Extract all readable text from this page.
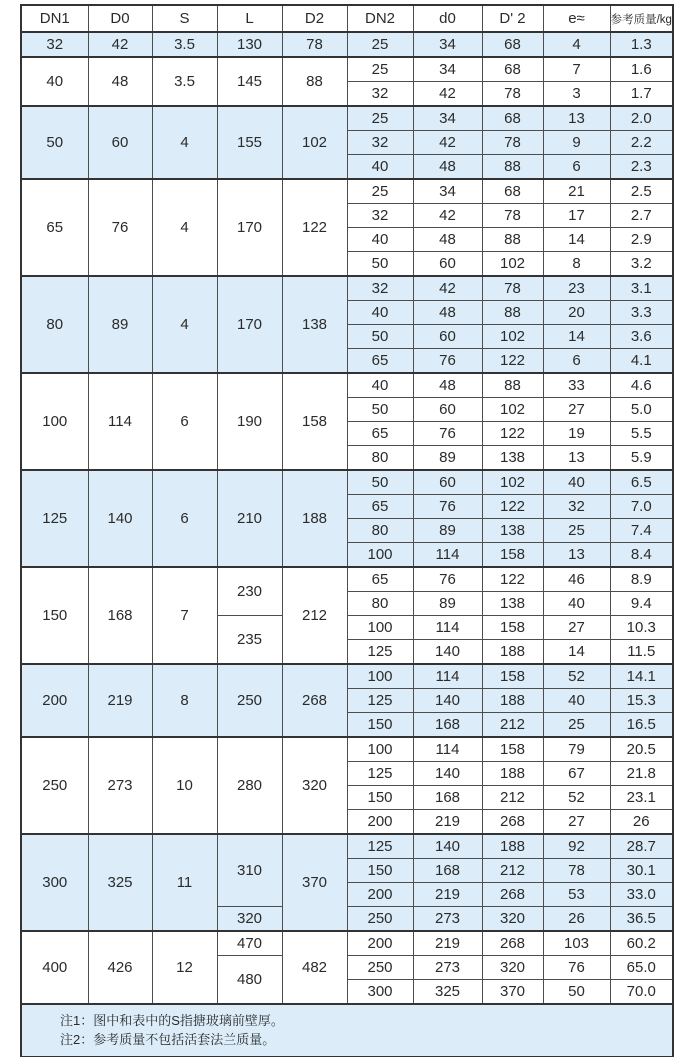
DN1	D0	S	L	D2	DN2	d0	D' 2	e≈	参考质量/kg
32	42	3.5	130	78	25	34	68	4	1.3
40	48	3.5	145	88	25	34	68	7	1.6
					32	42	78	3	1.7
50	60	4	155	102	25	34	68	13	2.0
					32	42	78	9	2.2
					40	48	88	6	2.3
65	76	4	170	122	25	34	68	21	2.5
					32	42	78	17	2.7
					40	48	88	14	2.9
					50	60	102	8	3.2
80	89	4	170	138	32	42	78	23	3.1
					40	48	88	20	3.3
					50	60	102	14	3.6
					65	76	122	6	4.1
100	114	6	190	158	40	48	88	33	4.6
					50	60	102	27	5.0
					65	76	122	19	5.5
					80	89	138	13	5.9
125	140	6	210	188	50	60	102	40	6.5
					65	76	122	32	7.0
					80	89	138	25	7.4
					100	114	158	13	8.4
150	168	7	230	212	65	76	122	46	8.9
					80	89	138	40	9.4
			235		100	114	158	27	10.3
					125	140	188	14	11.5
200	219	8	250	268	100	114	158	52	14.1
					125	140	188	40	15.3
					150	168	212	25	16.5
250	273	10	280	320	100	114	158	79	20.5
					125	140	188	67	21.8
					150	168	212	52	23.1
					200	219	268	27	26
300	325	11	310	370	125	140	188	92	28.7
					150	168	212	78	30.1
					200	219	268	53	33.0
			320		250	273	320	26	36.5
400	426	12	470	482	200	219	268	103	60.2
			480		250	273	320	76	65.0
					300	325	370	50	70.0

注1：图中和表中的S指搪玻璃前壁厚。
注2：参考质量不包括活套法兰质量。									
